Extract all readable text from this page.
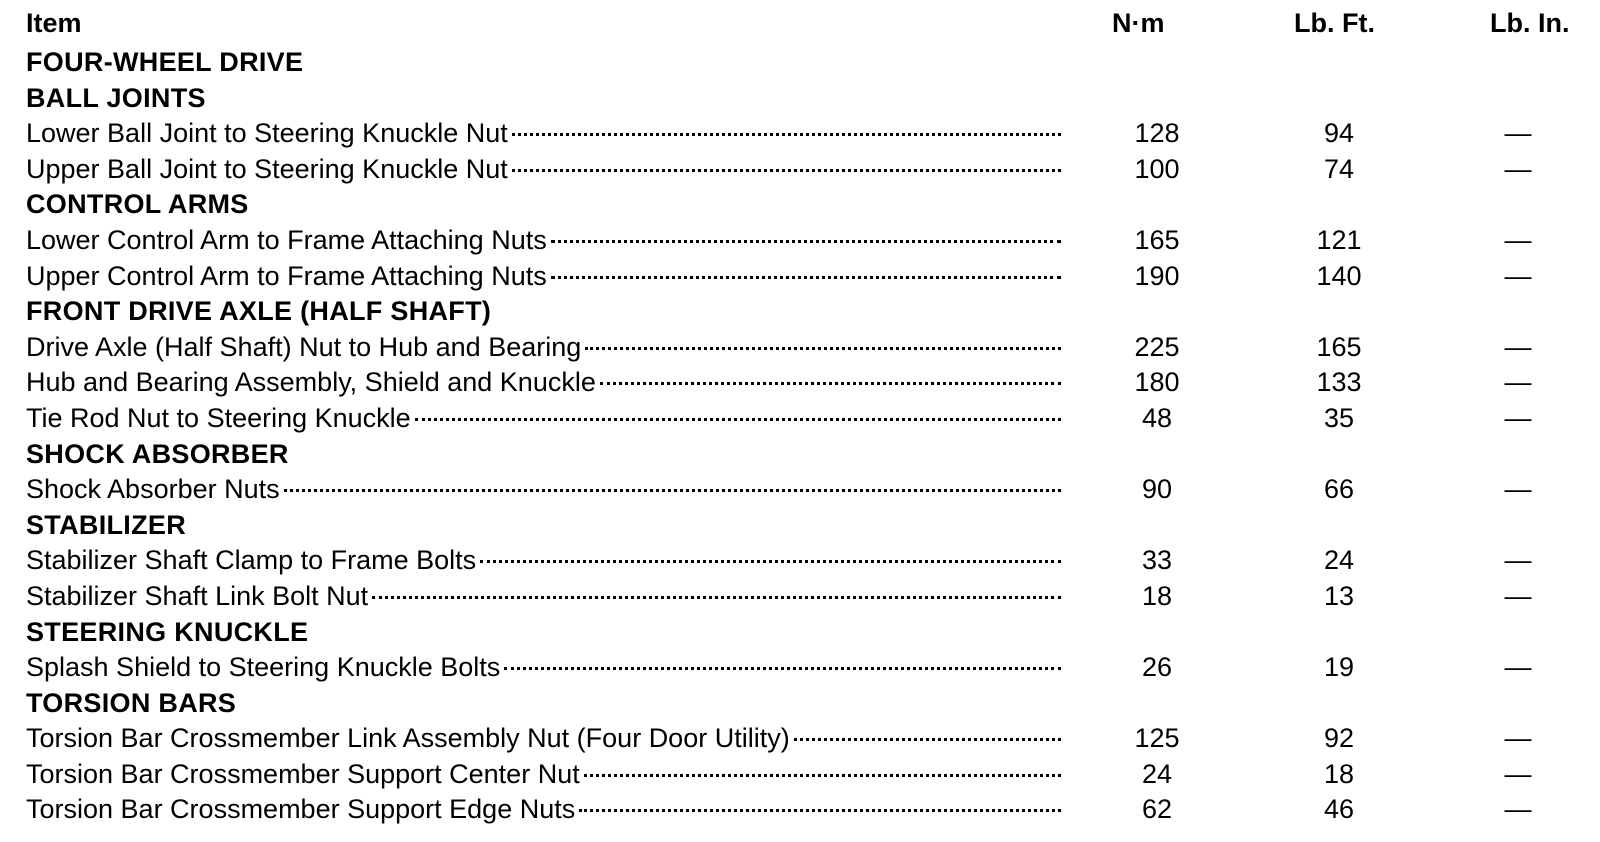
Item	N·m	Lb. Ft.	Lb. In.
FOUR-WHEEL DRIVE
BALL JOINTS
Lower Ball Joint to Steering Knuckle Nut	128	94	—
Upper Ball Joint to Steering Knuckle Nut	100	74	—
CONTROL ARMS
Lower Control Arm to Frame Attaching Nuts	165	121	—
Upper Control Arm to Frame Attaching Nuts	190	140	—
FRONT DRIVE AXLE (HALF SHAFT)
Drive Axle (Half Shaft) Nut to Hub and Bearing	225	165	—
Hub and Bearing Assembly, Shield and Knuckle	180	133	—
Tie Rod Nut to Steering Knuckle	48	35	—
SHOCK ABSORBER
Shock Absorber Nuts	90	66	—
STABILIZER
Stabilizer Shaft Clamp to Frame Bolts	33	24	—
Stabilizer Shaft Link Bolt Nut	18	13	—
STEERING KNUCKLE
Splash Shield to Steering Knuckle Bolts	26	19	—
TORSION BARS
Torsion Bar Crossmember Link Assembly Nut (Four Door Utility)	125	92	—
Torsion Bar Crossmember Support Center Nut	24	18	—
Torsion Bar Crossmember Support Edge Nuts	62	46	—
